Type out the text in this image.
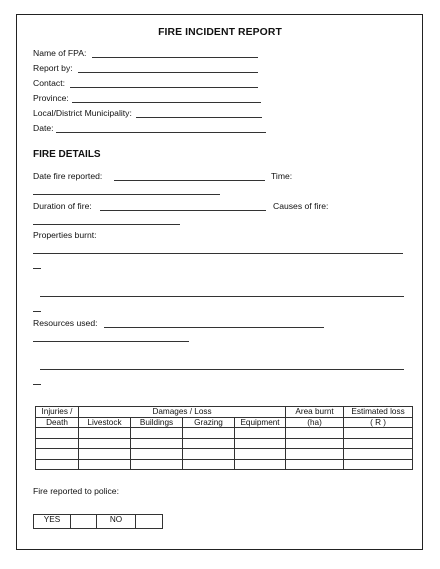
FIRE INCIDENT REPORT
Name of FPA:
Report by:
Contact:
Province:
Local/District Municipality:
Date:
FIRE DETAILS
Date fire reported:	Time:
Duration of fire:	Causes of fire:
Properties burnt:
Resources used:
Injuries /	Damages / Loss				Area burnt	Estimated loss
Death	Livestock	Buildings	Grazing	Equipment	(ha)	( R )

Fire reported to police:
YES		NO	
